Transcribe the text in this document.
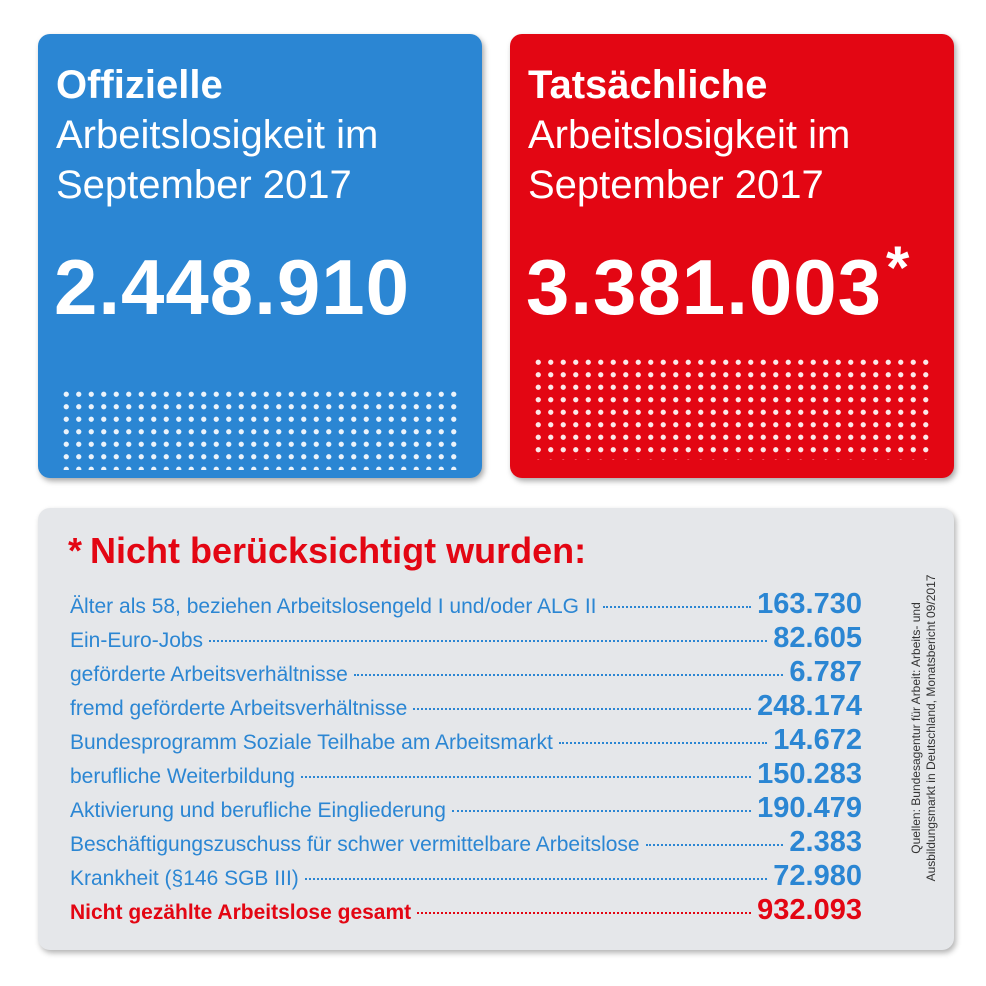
Offizielle
Arbeitslosigkeit im
September 2017
2.448.910
Tatsächliche
Arbeitslosigkeit im
September 2017
3.381.003*
* Nicht berücksichtigt wurden:
Älter als 58, beziehen Arbeitslosengeld I und/oder ALG II	163.730
Ein-Euro-Jobs	82.605
geförderte Arbeitsverhältnisse	6.787
fremd geförderte Arbeitsverhältnisse	248.174
Bundesprogramm Soziale Teilhabe am Arbeitsmarkt	14.672
berufliche Weiterbildung	150.283
Aktivierung und berufliche Eingliederung	190.479
Beschäftigungszuschuss für schwer vermittelbare Arbeitslose	2.383
Krankheit (§146 SGB III)	72.980
Nicht gezählte Arbeitslose gesamt	932.093
Quellen: Bundesagentur für Arbeit: Arbeits- und Ausbildungsmarkt in Deutschland, Monatsbericht 09/2017
